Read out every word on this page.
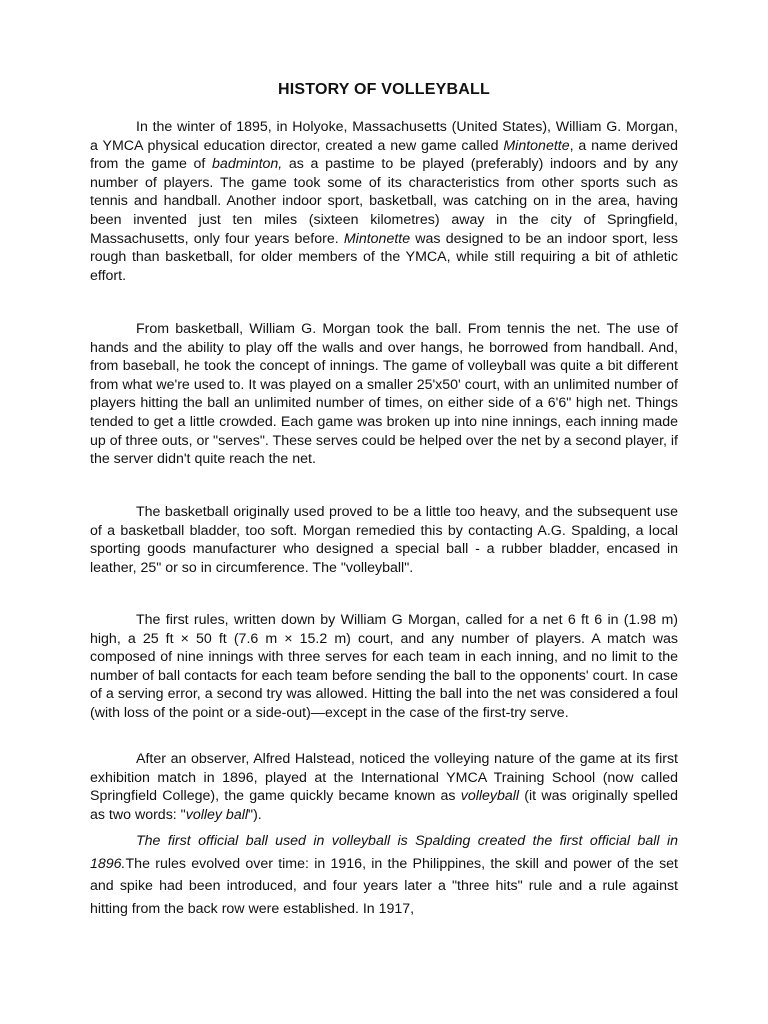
HISTORY OF VOLLEYBALL

In the winter of 1895, in Holyoke, Massachusetts (United States), William G. Morgan, a YMCA physical education director, created a new game called Mintonette, a name derived from the game of badminton, as a pastime to be played (preferably) indoors and by any number of players. The game took some of its characteristics from other sports such as tennis and handball. Another indoor sport, basketball, was catching on in the area, having been invented just ten miles (sixteen kilometres) away in the city of Springfield, Massachusetts, only four years before. Mintonette was designed to be an indoor sport, less rough than basketball, for older members of the YMCA, while still requiring a bit of athletic effort.

From basketball, William G. Morgan took the ball. From tennis the net. The use of hands and the ability to play off the walls and over hangs, he borrowed from handball. And, from baseball, he took the concept of innings. The game of volleyball was quite a bit different from what we're used to. It was played on a smaller 25'x50' court, with an unlimited number of players hitting the ball an unlimited number of times, on either side of a 6'6" high net. Things tended to get a little crowded. Each game was broken up into nine innings, each inning made up of three outs, or "serves". These serves could be helped over the net by a second player, if the server didn't quite reach the net.

The basketball originally used proved to be a little too heavy, and the subsequent use of a basketball bladder, too soft. Morgan remedied this by contacting A.G. Spalding, a local sporting goods manufacturer who designed a special ball - a rubber bladder, encased in leather, 25" or so in circumference. The "volleyball".

The first rules, written down by William G Morgan, called for a net 6 ft 6 in (1.98 m) high, a 25 ft × 50 ft (7.6 m × 15.2 m) court, and any number of players. A match was composed of nine innings with three serves for each team in each inning, and no limit to the number of ball contacts for each team before sending the ball to the opponents' court. In case of a serving error, a second try was allowed. Hitting the ball into the net was considered a foul (with loss of the point or a side-out)—except in the case of the first-try serve.

After an observer, Alfred Halstead, noticed the volleying nature of the game at its first exhibition match in 1896, played at the International YMCA Training School (now called Springfield College), the game quickly became known as volleyball (it was originally spelled as two words: "volley ball").

The first official ball used in volleyball is Spalding created the first official ball in 1896.The rules evolved over time: in 1916, in the Philippines, the skill and power of the set and spike had been introduced, and four years later a "three hits" rule and a rule against hitting from the back row were established. In 1917,
